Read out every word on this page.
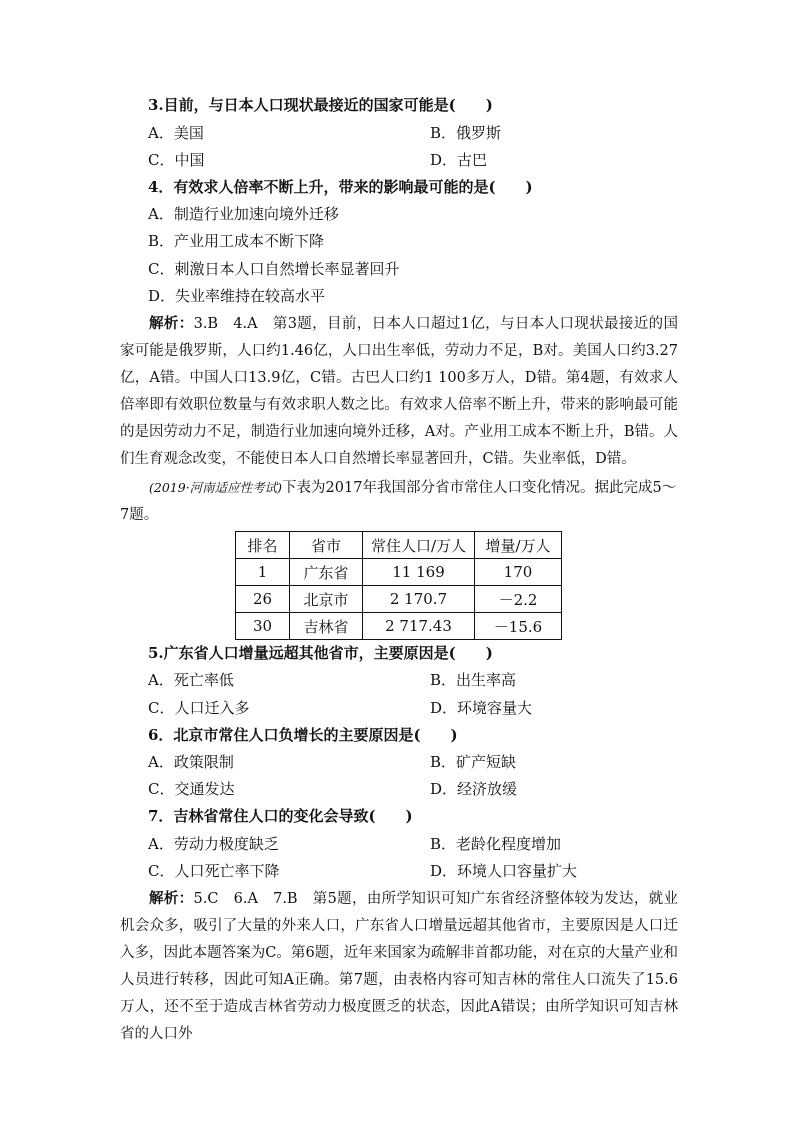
3.目前，与日本人口现状最接近的国家可能是(　　)
A．美国	B．俄罗斯
C．中国	D．古巴
4．有效求人倍率不断上升，带来的影响最可能的是(　　)
A．制造行业加速向境外迁移
B．产业用工成本不断下降
C．刺激日本人口自然增长率显著回升
D．失业率维持在较高水平
解析：3.B　4.A　第3题，目前，日本人口超过1亿，与日本人口现状最接近的国家可能是俄罗斯，人口约1.46亿，人口出生率低，劳动力不足，B对。美国人口约3.27亿，A错。中国人口13.9亿，C错。古巴人口约1 100多万人，D错。第4题，有效求人倍率即有效职位数量与有效求职人数之比。有效求人倍率不断上升，带来的影响最可能的是因劳动力不足，制造行业加速向境外迁移，A对。产业用工成本不断上升，B错。人们生育观念改变，不能使日本人口自然增长率显著回升，C错。失业率低，D错。
(2019·河南适应性考试)下表为2017年我国部分省市常住人口变化情况。据此完成5～7题。
排名	省市	常住人口/万人	增量/万人
1	广东省	11 169	170
26	北京市	2 170.7	－2.2
30	吉林省	2 717.43	－15.6
5.广东省人口增量远超其他省市，主要原因是(　　)
A．死亡率低	B．出生率高
C．人口迁入多	D．环境容量大
6．北京市常住人口负增长的主要原因是(　　)
A．政策限制	B．矿产短缺
C．交通发达	D．经济放缓
7．吉林省常住人口的变化会导致(　　)
A．劳动力极度缺乏	B．老龄化程度增加
C．人口死亡率下降	D．环境人口容量扩大
解析：5.C　6.A　7.B　第5题，由所学知识可知广东省经济整体较为发达，就业机会众多，吸引了大量的外来人口，广东省人口增量远超其他省市，主要原因是人口迁入多，因此本题答案为C。第6题，近年来国家为疏解非首都功能，对在京的大量产业和人员进行转移，因此可知A正确。第7题，由表格内容可知吉林的常住人口流失了15.6万人，还不至于造成吉林省劳动力极度匮乏的状态，因此A错误；由所学知识可知吉林省的人口外
